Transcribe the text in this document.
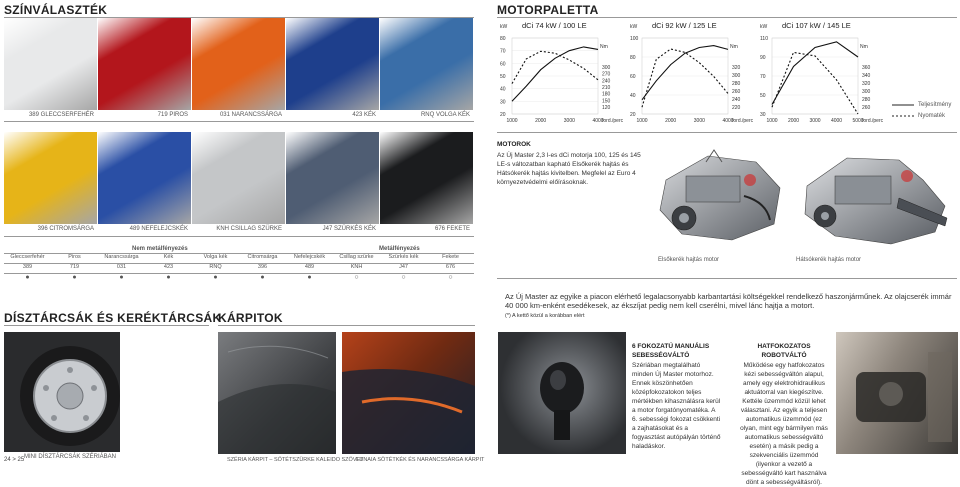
SZÍNVÁLASZTÉK
389 GLECCSERFEHÉR	719 PIROS	031 NARANCSSÁRGA	423 KÉK	RNQ VOLGA KÉK
MOTORPALETTA
dCi 74 kW / 100 LE
kW
Nm
80
70
60
50
40
30
20
300
270
240
210
180
150
120
1000	2000	3000	4000
ford./perc
dCi 92 kW / 125 LE
kW
Nm
100
80
60
40
20
320
300
280
260
240
220
1000	2000	3000	4000
ford./perc
dCi 107 kW / 145 LE
kW
Nm
110
90
70
50
30
360
340
320
300
280
260
1000 2000 3000 4000 5000
ford./perc
Teljesítmény
Nyomaték
396 CITROMSÁRGA	489 NEFELEJCSKÉK	KNH CSILLAG SZÜRKE	J47 SZÜRKÉS KÉK	676 FEKETE
Nem metálfényezés	Metálfényezés
Gleccserfehér	Piros	Narancssárga	Kék	Volga kék	Citromsárga	Nefelejcskék	Csillag szürke	Szürkés kék	Fekete
389	719	031	423	RNQ	396	489	KNH	J47	676
●	●	●	●	●	●	●	○	○	○
MOTOROK
Az Új Master 2,3 l-es dCi motorja 100, 125 és 145 LE-s változatban kapható Elsőkerék hajtás és Hátsókerék hajtás kivitelben. Megfelel az Euro 4 környezetvédelmi előírásoknak.
Elsőkerék hajtás motor	Hátsókerék hajtás motor
Az Új Master az egyike a piacon elérhető legalacsonyabb karbantartási költségekkel rendelkező haszonjárműnek. Az olajcserék immár 40 000 km-enként esedékesek, az ékszíjat pedig nem kell cserélni, mivel lánc hajtja a motort.
(*) A kettő közül a korábban elért
DÍSZTÁRCSÁK ÉS KERÉKTÁRCSÁK
KÁRPITOK
MINI DÍSZTÁRCSÁK SZÉRIÁBAN	SZÉRIA KÁRPIT – SÖTÉTSZÜRKE KALEIDO SZÖVET
FUNAIA SÖTÉTKÉK ÉS NARANCSSÁRGA KÁRPIT
6 FOKOZATÚ MANUÁLIS SEBESSÉGVÁLTÓ
Szériában megtalálható minden Új Master motorhoz. Ennek köszönhetően középfokozatokon teljes mértékben kihasználásra kerül a motor forgatónyomatéka. A 6. sebességi fokozat csökkenti a zajhatásokat és a fogyasztást autópályán történő haladáskor.
HATFOKOZATOS ROBOTVÁLTÓ
Működése egy hatfokozatos kézi sebességváltón alapul, amely egy elektrohidraulikus aktuátorral van kiegészítve. Kettéle üzemmód közül lehet választani. Az egyik a teljesen automatikus üzemmód (ez olyan, mint egy bármilyen más automatikus sebességváltó esetén) a másik pedig a szekvenciális üzemmód (ilyenkor a vezető a sebességváltó kart használva dönt a sebességváltásról).
24 > 25
